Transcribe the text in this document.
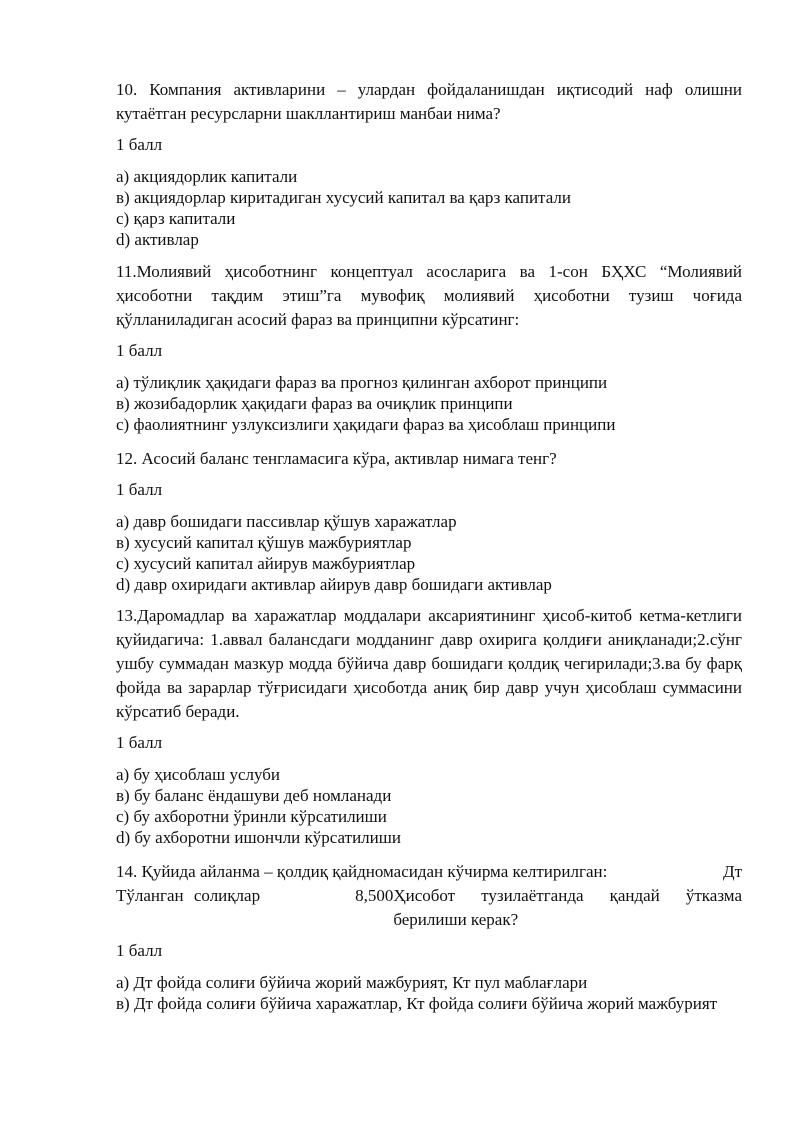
10. Компания активларини – улардан фойдаланишдан иқтисодий наф олишни кутаётган ресурсларни шакллантириш манбаи нима?
1 балл
а) акциядорлик капитали
в) акциядорлар киритадиган хусусий капитал ва қарз капитали
с) қарз капитали
d) активлар
11.Молиявий ҳисоботнинг концептуал асосларига ва 1-сон БҲХС “Молиявий ҳисоботни тақдим этиш”га мувофиқ молиявий ҳисоботни тузиш чоғида қўлланиладиган асосий фараз ва принципни кўрсатинг:
1 балл
а) тўлиқлик ҳақидаги фараз ва прогноз қилинган ахборот принципи
в) жозибадорлик ҳақидаги фараз ва очиқлик принципи
с) фаолиятнинг узлуксизлиги ҳақидаги фараз ва ҳисоблаш принципи
12. Асосий баланс тенгламасига кўра, активлар нимага тенг?
1 балл
а) давр бошидаги пассивлар қўшув харажатлар
в) хусусий капитал қўшув мажбуриятлар
с) хусусий капитал айирув мажбуриятлар
d) давр охиридаги активлар айирув давр бошидаги активлар
13.Даромадлар ва харажатлар моддалари аксариятининг ҳисоб-китоб кетма-кетлиги қуйидагича: 1.аввал балансдаги модданинг давр охирига қолдиғи аниқланади;2.сўнг ушбу суммадан мазкур модда бўйича давр бошидаги қолдиқ чегирилади;3.ва бу фарқ фойда ва зарарлар тўғрисидаги ҳисоботда аниқ бир давр учун ҳисоблаш суммасини кўрсатиб беради.
1 балл
а) бу ҳисоблаш услуби
в) бу баланс ёндашуви деб номланади
с) бу ахборотни ўринли кўрсатилиши
d) бу ахборотни ишончли кўрсатилиши
14. Қуйида айланма – қолдиқ қайдномасидан кўчирма келтирилган:	Дт
Тўланган солиқлар	8,500 Ҳисобот тузилаётганда қандай ўтказма берилиши керак?
1 балл
а) Дт фойда солиғи бўйича жорий мажбурият, Кт пул маблағлари
в) Дт фойда солиғи бўйича харажатлар, Кт фойда солиғи бўйича жорий мажбурият
